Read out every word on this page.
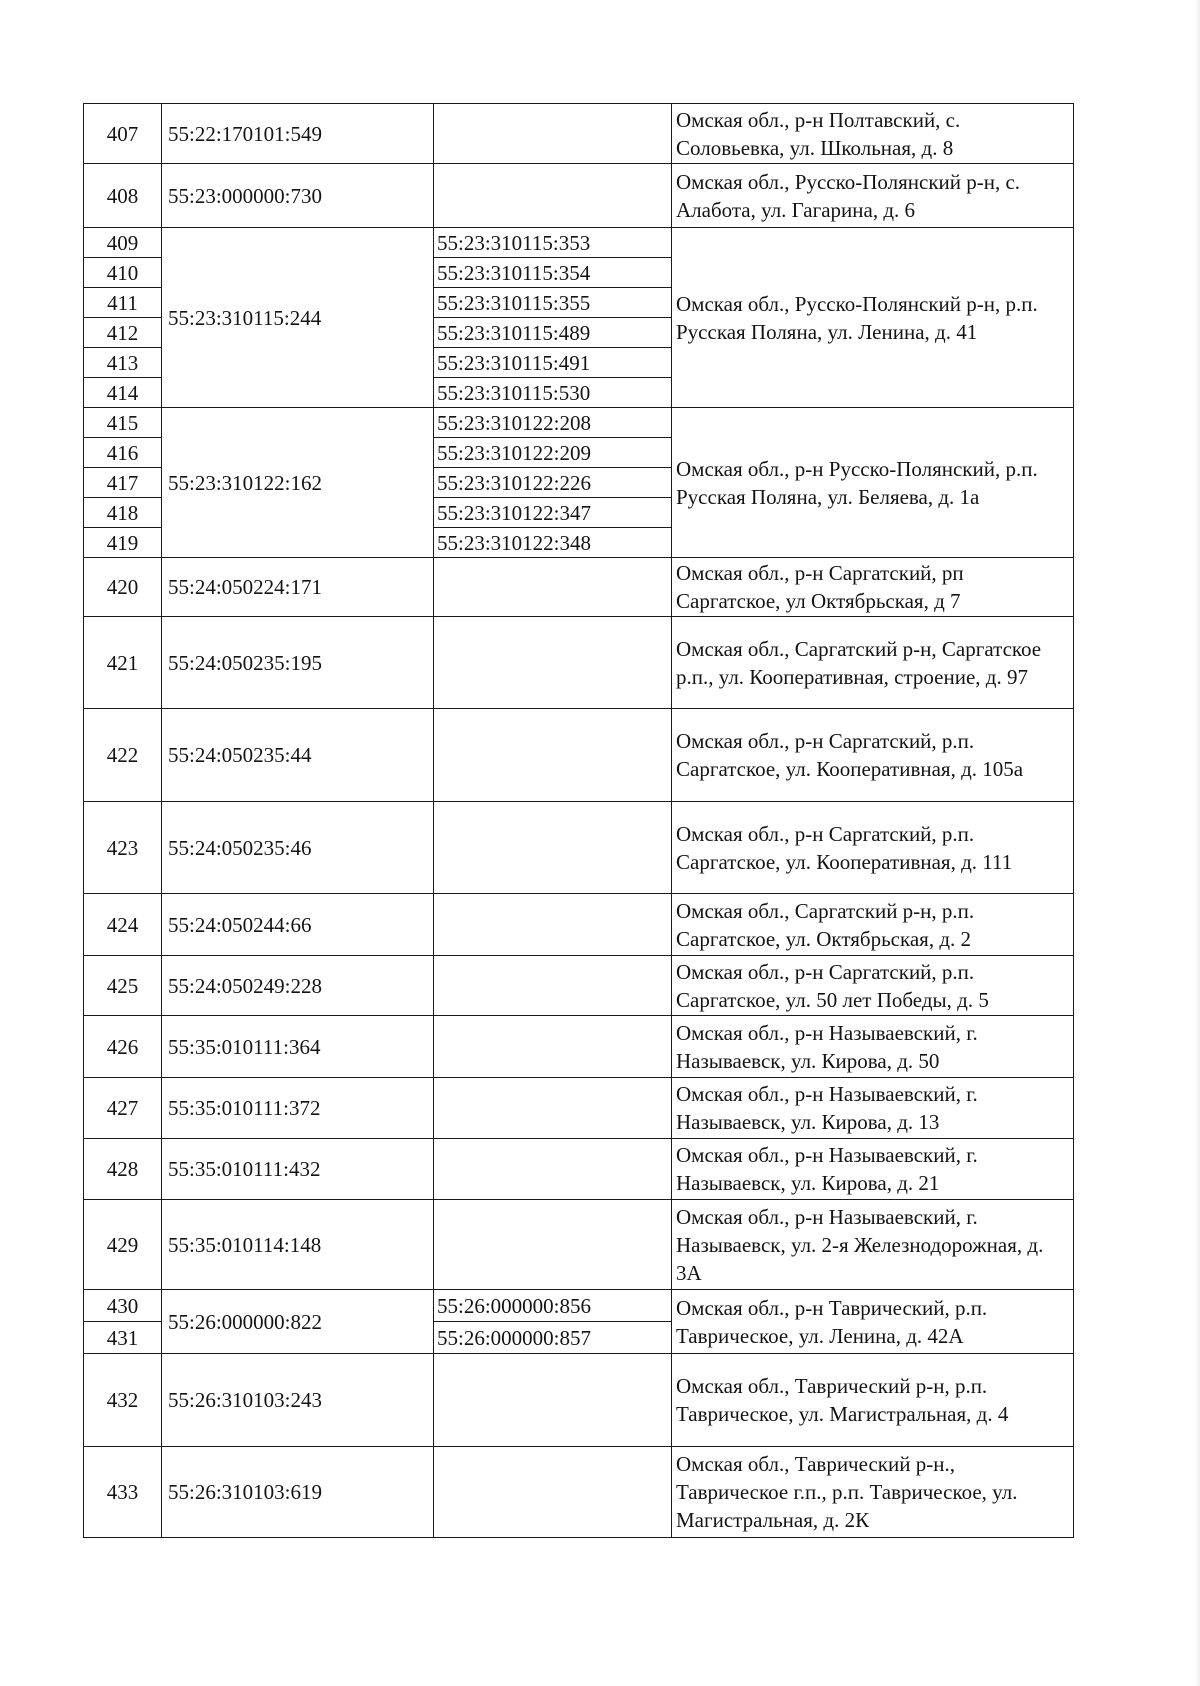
407	55:22:170101:549		Омская обл., р-н Полтавский, с. Соловьевка, ул. Школьная, д. 8
408	55:23:000000:730		Омская обл., Русско-Полянский р-н, с. Алабота, ул. Гагарина, д. 6
409	55:23:310115:244	55:23:310115:353	Омская обл., Русско-Полянский р-н, р.п. Русская Поляна, ул. Ленина, д. 41
410		55:23:310115:354	
411		55:23:310115:355	
412		55:23:310115:489	
413		55:23:310115:491	
414		55:23:310115:530	
415	55:23:310122:162	55:23:310122:208	Омская обл., р-н Русско-Полянский, р.п. Русская Поляна, ул. Беляева, д. 1а
416		55:23:310122:209	
417		55:23:310122:226	
418		55:23:310122:347	
419		55:23:310122:348	
420	55:24:050224:171		Омская обл., р-н Саргатский, рп Саргатское, ул Октябрьская, д 7
421	55:24:050235:195		Омская обл., Саргатский р-н, Саргатское р.п., ул. Кооперативная, строение, д. 97
422	55:24:050235:44		Омская обл., р-н Саргатский, р.п. Саргатское, ул. Кооперативная, д. 105а
423	55:24:050235:46		Омская обл., р-н Саргатский, р.п. Саргатское, ул. Кооперативная, д. 111
424	55:24:050244:66		Омская обл., Саргатский р-н, р.п. Саргатское, ул. Октябрьская, д. 2
425	55:24:050249:228		Омская обл., р-н Саргатский, р.п. Саргатское, ул. 50 лет Победы, д. 5
426	55:35:010111:364		Омская обл., р-н Называевский, г. Называевск, ул. Кирова, д. 50
427	55:35:010111:372		Омская обл., р-н Называевский, г. Называевск, ул. Кирова, д. 13
428	55:35:010111:432		Омская обл., р-н Называевский, г. Называевск, ул. Кирова, д. 21
429	55:35:010114:148		Омская обл., р-н Называевский, г. Называевск, ул. 2-я Железнодорожная, д. 3А
430	55:26:000000:822	55:26:000000:856	Омская обл., р-н Таврический, р.п. Таврическое, ул. Ленина, д. 42А
431		55:26:000000:857	
432	55:26:310103:243		Омская обл., Таврический р-н, р.п. Таврическое, ул. Магистральная, д. 4
433	55:26:310103:619		Омская обл., Таврический р-н., Таврическое г.п., р.п. Таврическое, ул. Магистральная, д. 2К
